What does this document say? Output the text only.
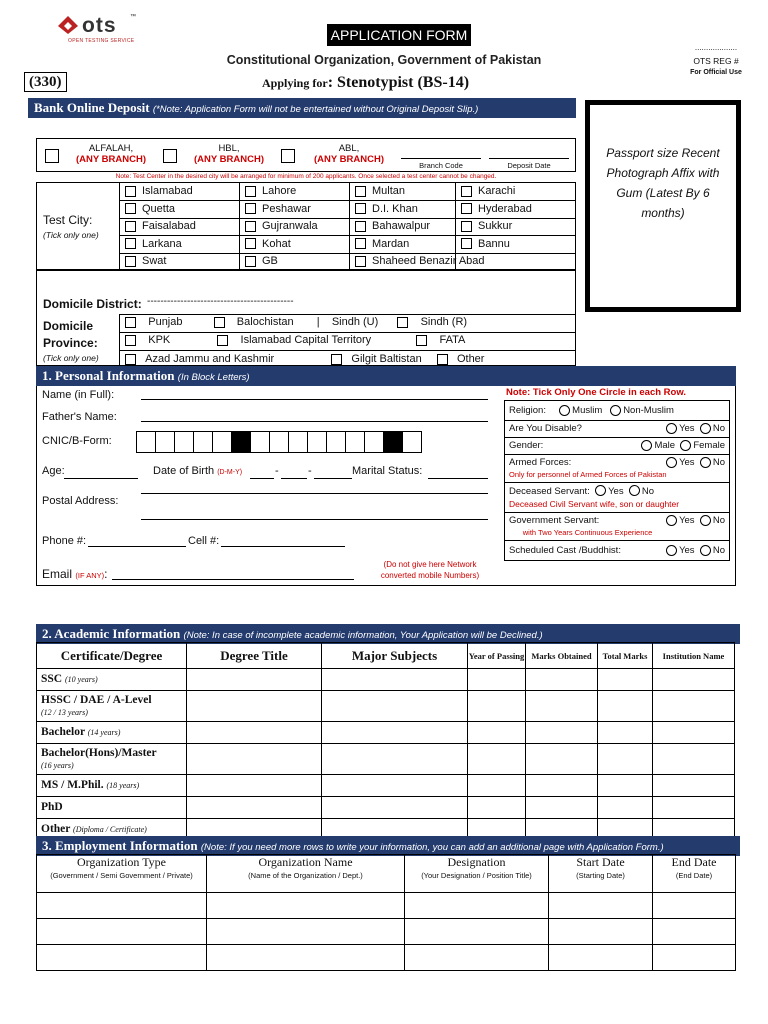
ots ™
OPEN TESTING SERVICE	APPLICATION FORM
Constitutional Organization, Government of Pakistan
Applying for: Stenotypist (BS-14)
(330)
...................
OTS REG #
For Official Use
Bank Online Deposit (*Note: Application Form will not be entertained without Original Deposit Slip.)
Passport size Recent Photograph Affix with Gum (Latest By 6 months)
ALFALAH,
(ANY BRANCH)
HBL,
(ANY BRANCH)
ABL,
(ANY BRANCH)
Branch Code	Deposit Date
Note: Test Center in the desired city will be arranged for minimum of 200 applicants. Once selected a test center cannot be changed.
Test City:
(Tick only one)
Islamabad	Lahore	Multan	Karachi
Quetta	Peshawar	D.I. Khan	Hyderabad
Faisalabad	Gujranwala	Bahawalpur	Sukkur
Larkana	Kohat	Mardan	Bannu
Swat	GB	Shaheed Benazir Abad
Domicile District: --------------------------------------------
Domicile
Province:
(Tick only one)
Punjab	Balochistan | Sindh (U)	Sindh (R)
KPK	Islamabad Capital Territory	FATA
Azad Jammu and Kashmir	Gilgit Baltistan	Other
1. Personal Information (In Block Letters)
Name (in Full):
Father's Name:
CNIC/B-Form:
Age:	Date of Birth (D-M-Y)	-	-	Marital Status:
Postal Address:
Phone #:	Cell #:
Email (IF ANY):
(Do not give here Network converted mobile Numbers)
Note: Tick Only One Circle in each Row.
Religion:	Muslim Non-Muslim
Are You Disable?	Yes No

Gender:	Male Female

Armed Forces:	Yes No
Only for personnel of Armed Forces of Pakistan

Deceased Servant: Yes No
Deceased Civil Servant wife, son or daughter

Government Servant:	Yes No
with Two Years Continuous Experience

Scheduled Cast /Buddhist:	Yes No
2. Academic Information (Note: In case of incomplete academic information, Your Application will be Declined.)
Certificate/Degree	Degree Title	Major Subjects	Year of Passing	Marks Obtained	Total Marks	Institution Name
SSC (10 years)						
HSSC / DAE / A-Level
(12 / 13 years)						
Bachelor (14 years)						
Bachelor(Hons)/Master
(16 years)						
MS / M.Phil. (18 years)						
PhD						
Other (Diploma / Certificate)						
3. Employment Information (Note: If you need more rows to write your information, you can add an additional page with Application Form.)
Organization Type	Organization Name	Designation	Start Date	End Date
(Government / Semi Government / Private)	(Name of the Organization / Dept.)	(Your Designation / Position Title)	(Starting Date)	(End Date)
